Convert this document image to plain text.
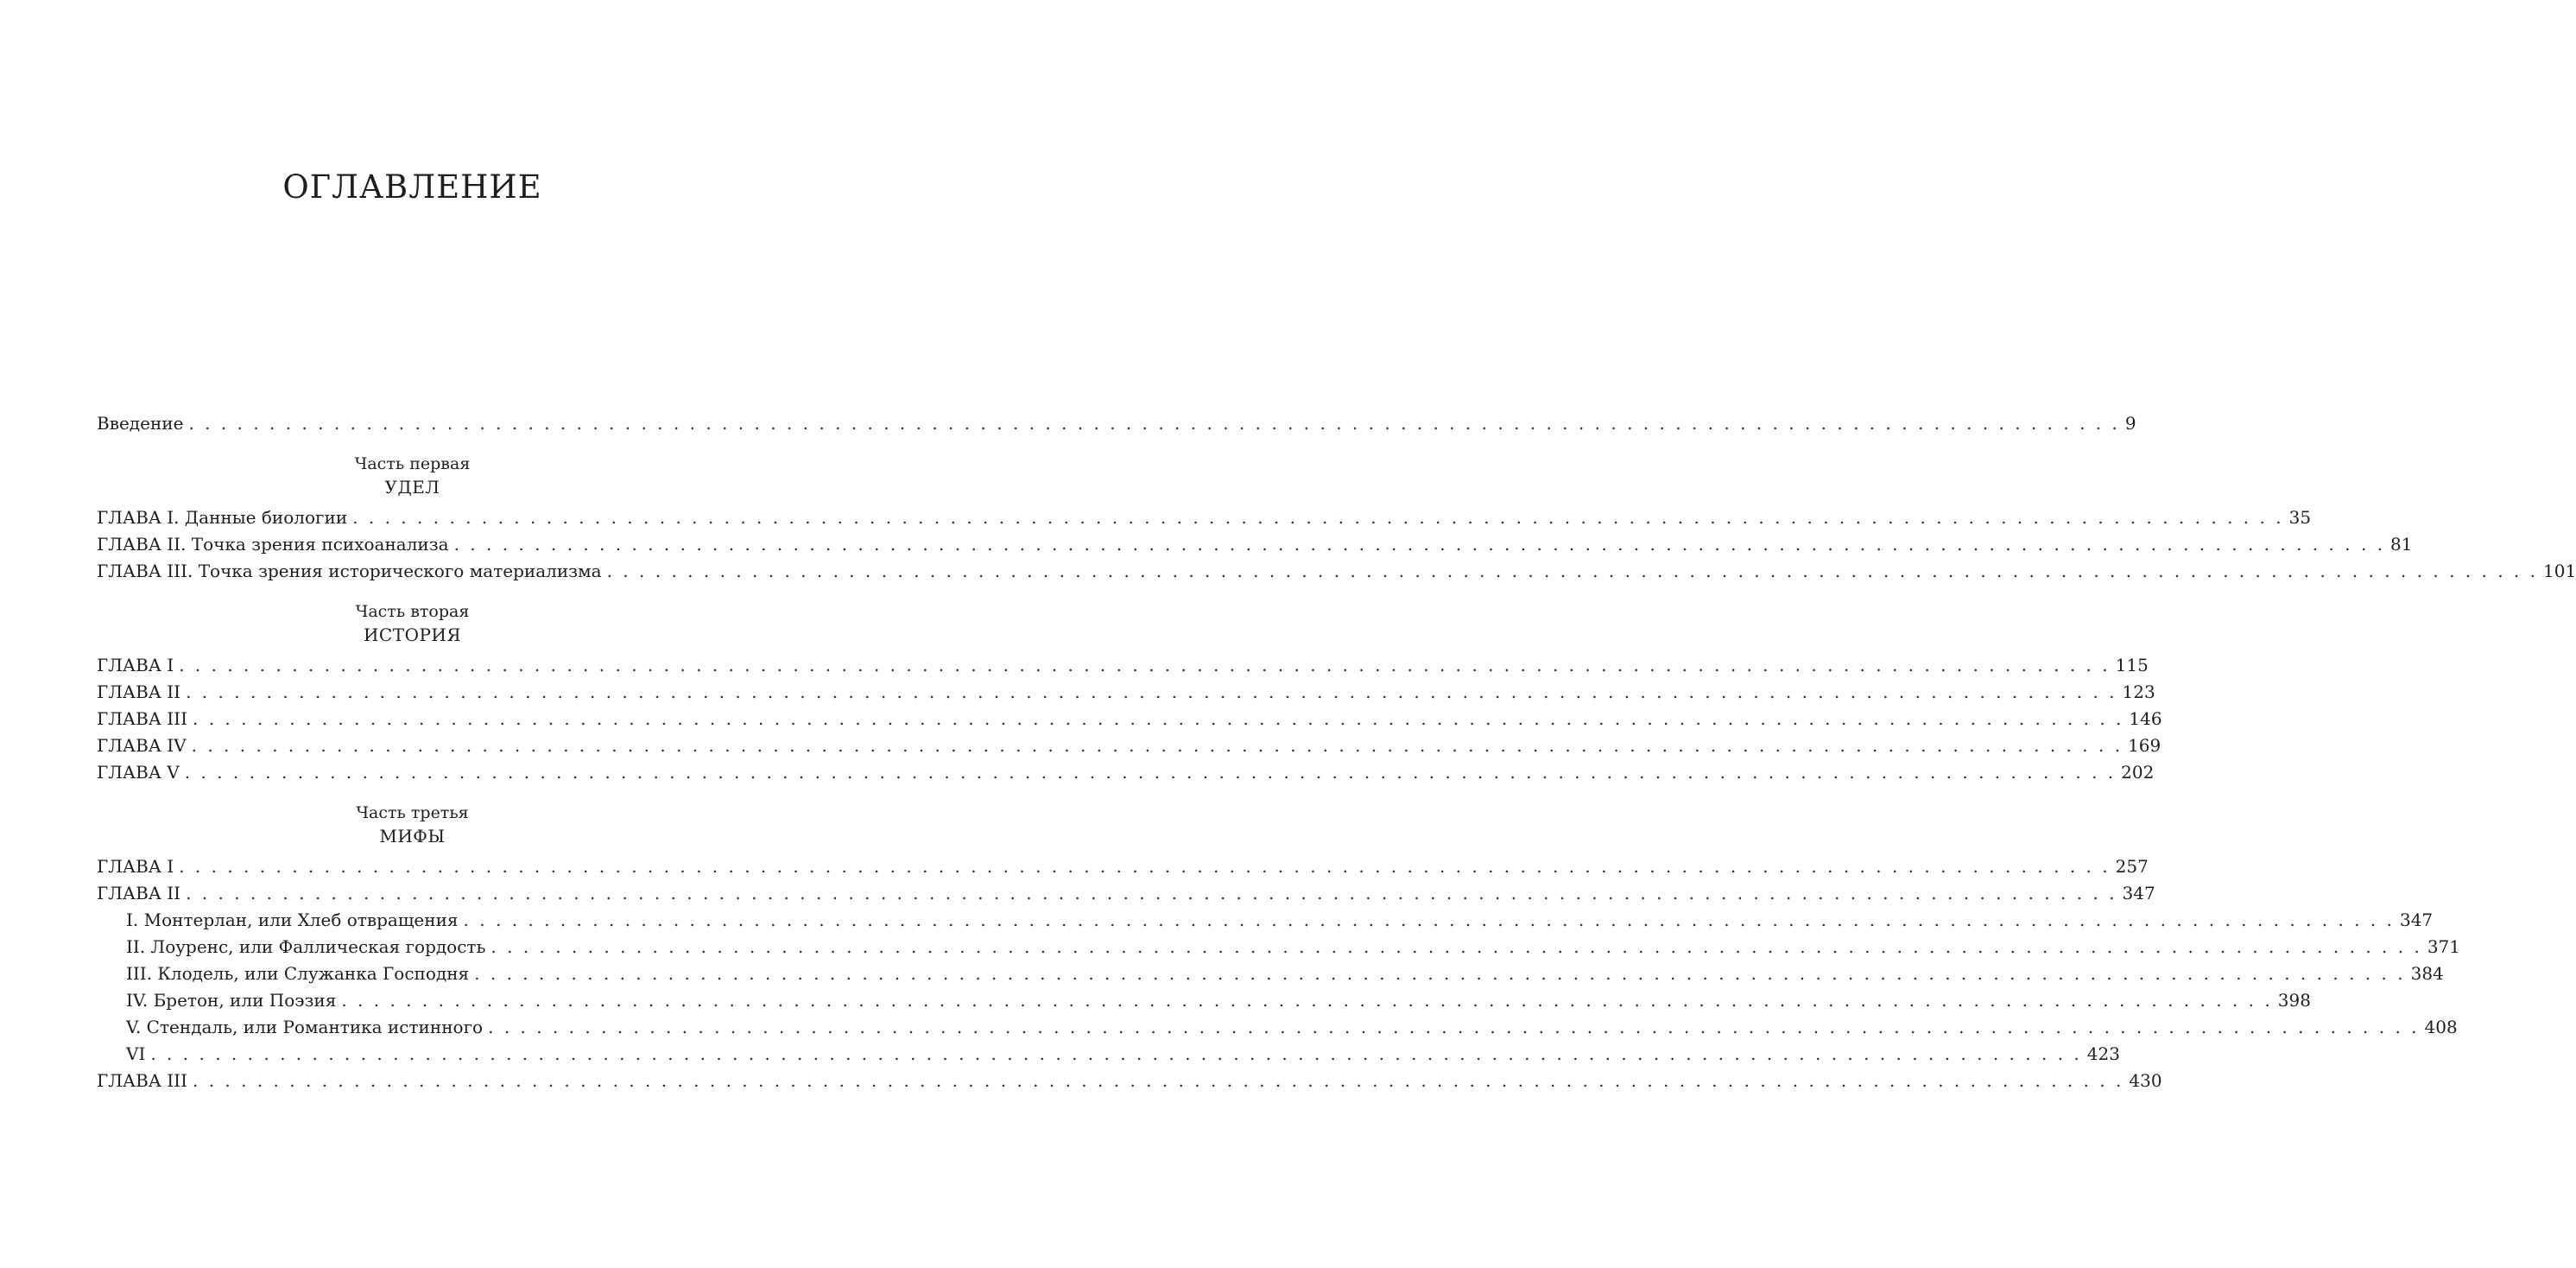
ОГЛАВЛЕНИЕ
Введение . . . . . . . . . . . . . . . . . . . . . . . . . . . . . . . . . . . . . . . . . . . . . . . . . . . . . . . . . . . . . . . . . . . . . . . . . . . . . . . . . . . . . . . . . . . . . . . . . . . . . . . . . . . . . . . . . . . . . . . . 9
Часть первая
УДЕЛ
ГЛАВА I. Данные биологии . . . . . . . . . . . . . . . . . . . . . . . . . . . . . . . . . . . . . . . . . . . . . . . . . . . . . . . . . . . . . . . . . . . . . . . . . . . . . . . . . . . . . . . . . . . . . . . . . . . . . . . . . . . . . . . . . . . . . . . . 35
ГЛАВА II. Точка зрения психоанализа . . . . . . . . . . . . . . . . . . . . . . . . . . . . . . . . . . . . . . . . . . . . . . . . . . . . . . . . . . . . . . . . . . . . . . . . . . . . . . . . . . . . . . . . . . . . . . . . . . . . . . . . . . . . . . . . . . . . . . . . 81
ГЛАВА III. Точка зрения исторического материализма . . . . . . . . . . . . . . . . . . . . . . . . . . . . . . . . . . . . . . . . . . . . . . . . . . . . . . . . . . . . . . . . . . . . . . . . . . . . . . . . . . . . . . . . . . . . . . . . . . . . . . . . . . . . . . . . . . . . . . . . 101
Часть вторая
ИСТОРИЯ
ГЛАВА I . . . . . . . . . . . . . . . . . . . . . . . . . . . . . . . . . . . . . . . . . . . . . . . . . . . . . . . . . . . . . . . . . . . . . . . . . . . . . . . . . . . . . . . . . . . . . . . . . . . . . . . . . . . . . . . . . . . . . . . . 115
ГЛАВА II . . . . . . . . . . . . . . . . . . . . . . . . . . . . . . . . . . . . . . . . . . . . . . . . . . . . . . . . . . . . . . . . . . . . . . . . . . . . . . . . . . . . . . . . . . . . . . . . . . . . . . . . . . . . . . . . . . . . . . . . 123
ГЛАВА III . . . . . . . . . . . . . . . . . . . . . . . . . . . . . . . . . . . . . . . . . . . . . . . . . . . . . . . . . . . . . . . . . . . . . . . . . . . . . . . . . . . . . . . . . . . . . . . . . . . . . . . . . . . . . . . . . . . . . . . . 146
ГЛАВА IV . . . . . . . . . . . . . . . . . . . . . . . . . . . . . . . . . . . . . . . . . . . . . . . . . . . . . . . . . . . . . . . . . . . . . . . . . . . . . . . . . . . . . . . . . . . . . . . . . . . . . . . . . . . . . . . . . . . . . . . . 169
ГЛАВА V . . . . . . . . . . . . . . . . . . . . . . . . . . . . . . . . . . . . . . . . . . . . . . . . . . . . . . . . . . . . . . . . . . . . . . . . . . . . . . . . . . . . . . . . . . . . . . . . . . . . . . . . . . . . . . . . . . . . . . . . 202
Часть третья
МИФЫ
ГЛАВА I . . . . . . . . . . . . . . . . . . . . . . . . . . . . . . . . . . . . . . . . . . . . . . . . . . . . . . . . . . . . . . . . . . . . . . . . . . . . . . . . . . . . . . . . . . . . . . . . . . . . . . . . . . . . . . . . . . . . . . . . 257
ГЛАВА II . . . . . . . . . . . . . . . . . . . . . . . . . . . . . . . . . . . . . . . . . . . . . . . . . . . . . . . . . . . . . . . . . . . . . . . . . . . . . . . . . . . . . . . . . . . . . . . . . . . . . . . . . . . . . . . . . . . . . . . . 347
I. Монтерлан, или Хлеб отвращения . . . . . . . . . . . . . . . . . . . . . . . . . . . . . . . . . . . . . . . . . . . . . . . . . . . . . . . . . . . . . . . . . . . . . . . . . . . . . . . . . . . . . . . . . . . . . . . . . . . . . . . . . . . . . . . . . . . . . . . . 347
II. Лоуренс, или Фаллическая гордость . . . . . . . . . . . . . . . . . . . . . . . . . . . . . . . . . . . . . . . . . . . . . . . . . . . . . . . . . . . . . . . . . . . . . . . . . . . . . . . . . . . . . . . . . . . . . . . . . . . . . . . . . . . . . . . . . . . . . . . . 371
III. Клодель, или Служанка Господня . . . . . . . . . . . . . . . . . . . . . . . . . . . . . . . . . . . . . . . . . . . . . . . . . . . . . . . . . . . . . . . . . . . . . . . . . . . . . . . . . . . . . . . . . . . . . . . . . . . . . . . . . . . . . . . . . . . . . . . . 384
IV. Бретон, или Поэзия . . . . . . . . . . . . . . . . . . . . . . . . . . . . . . . . . . . . . . . . . . . . . . . . . . . . . . . . . . . . . . . . . . . . . . . . . . . . . . . . . . . . . . . . . . . . . . . . . . . . . . . . . . . . . . . . . . . . . . . . 398
V. Стендаль, или Романтика истинного . . . . . . . . . . . . . . . . . . . . . . . . . . . . . . . . . . . . . . . . . . . . . . . . . . . . . . . . . . . . . . . . . . . . . . . . . . . . . . . . . . . . . . . . . . . . . . . . . . . . . . . . . . . . . . . . . . . . . . . . 408
VI . . . . . . . . . . . . . . . . . . . . . . . . . . . . . . . . . . . . . . . . . . . . . . . . . . . . . . . . . . . . . . . . . . . . . . . . . . . . . . . . . . . . . . . . . . . . . . . . . . . . . . . . . . . . . . . . . . . . . . . . 423
ГЛАВА III . . . . . . . . . . . . . . . . . . . . . . . . . . . . . . . . . . . . . . . . . . . . . . . . . . . . . . . . . . . . . . . . . . . . . . . . . . . . . . . . . . . . . . . . . . . . . . . . . . . . . . . . . . . . . . . . . . . . . . . . 430
